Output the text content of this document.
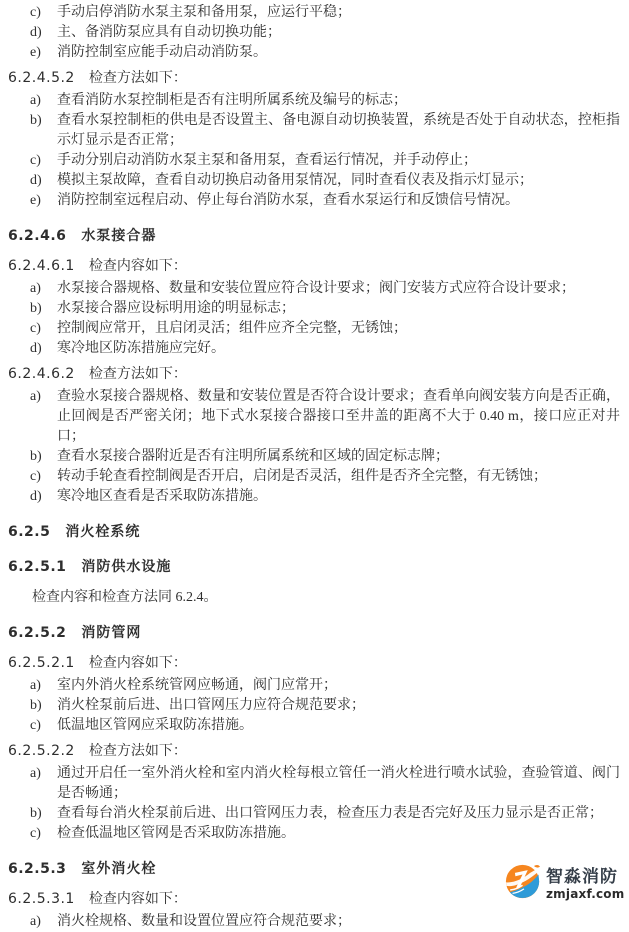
c)	手动启停消防水泵主泵和备用泵，应运行平稳；
d)	主、备消防泵应具有自动切换功能；
e)	消防控制室应能手动启动消防泵。
6.2.4.5.2 检查方法如下：
a)	查看消防水泵控制柜是否有注明所属系统及编号的标志；
b)	查看水泵控制柜的供电是否设置主、备电源自动切换装置，系统是否处于自动状态，控柜指示灯显示是否正常；
c)	手动分别启动消防水泵主泵和备用泵，查看运行情况，并手动停止；
d)	模拟主泵故障，查看自动切换启动备用泵情况，同时查看仪表及指示灯显示；
e)	消防控制室远程启动、停止每台消防水泵，查看水泵运行和反馈信号情况。
6.2.4.6 水泵接合器
6.2.4.6.1 检查内容如下：
a)	水泵接合器规格、数量和安装位置应符合设计要求；阀门安装方式应符合设计要求；
b)	水泵接合器应设标明用途的明显标志；
c)	控制阀应常开，且启闭灵活；组件应齐全完整，无锈蚀；
d)	寒冷地区防冻措施应完好。
6.2.4.6.2 检查方法如下：
a)	查验水泵接合器规格、数量和安装位置是否符合设计要求；查看单向阀安装方向是否正确，止回阀是否严密关闭；地下式水泵接合器接口至井盖的距离不大于 0.40 m，接口应正对井口；
b)	查看水泵接合器附近是否有注明所属系统和区域的固定标志牌；
c)	转动手轮查看控制阀是否开启，启闭是否灵活，组件是否齐全完整，有无锈蚀；
d)	寒冷地区查看是否采取防冻措施。
6.2.5 消火栓系统
6.2.5.1 消防供水设施
检查内容和检查方法同 6.2.4。
6.2.5.2 消防管网
6.2.5.2.1 检查内容如下：
a)	室内外消火栓系统管网应畅通，阀门应常开；
b)	消火栓泵前后进、出口管网压力应符合规范要求；
c)	低温地区管网应采取防冻措施。
6.2.5.2.2 检查方法如下：
a)	通过开启任一室外消火栓和室内消火栓每根立管任一消火栓进行喷水试验，查验管道、阀门是否畅通；
b)	查看每台消火栓泵前后进、出口管网压力表，检查压力表是否完好及压力显示是否正常；
c)	检查低温地区管网是否采取防冻措施。
6.2.5.3 室外消火栓
6.2.5.3.1 检查内容如下：
a)	消火栓规格、数量和设置位置应符合规范要求；
智淼消防
zmjaxf.com
